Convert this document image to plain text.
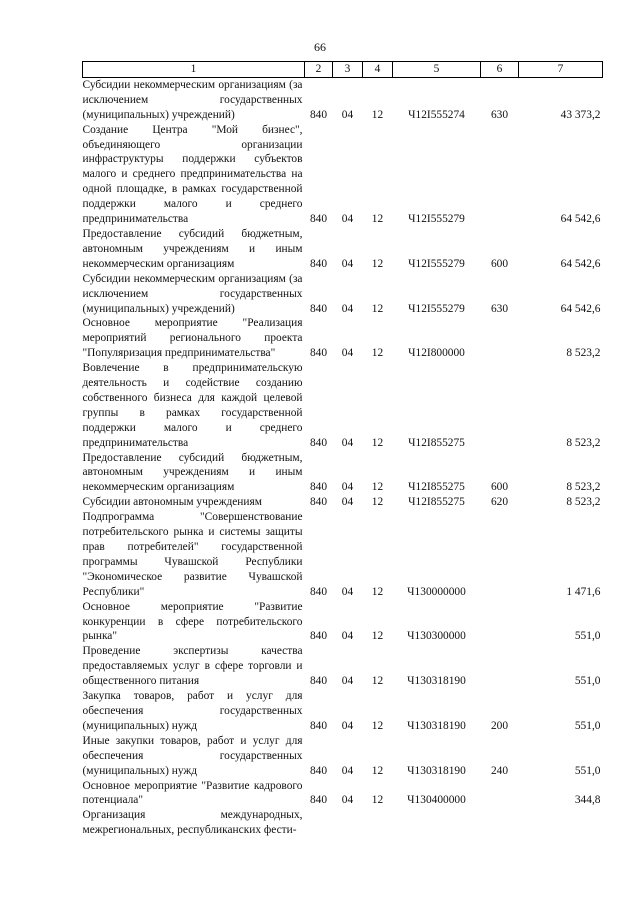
66
1	2	3	4	5	6	7
Субсидии некоммерческим организациям (за исключением государственных (муниципальных) учреждений)	840	04	12	Ч12I555274	630	43 373,2
Создание Центра "Мой бизнес", объединяющего организации инфраструктуры поддержки субъектов малого и среднего предпринимательства на одной площадке, в рамках государственной поддержки малого и среднего предпринимательства	840	04	12	Ч12I555279		64 542,6
Предоставление субсидий бюджетным, автономным учреждениям и иным некоммерческим организациям	840	04	12	Ч12I555279	600	64 542,6
Субсидии некоммерческим организациям (за исключением государственных (муниципальных) учреждений)	840	04	12	Ч12I555279	630	64 542,6
Основное мероприятие "Реализация мероприятий регионального проекта "Популяризация предпринимательства"	840	04	12	Ч12I800000		8 523,2
Вовлечение в предпринимательскую деятельность и содействие созданию собственного бизнеса для каждой целевой группы в рамках государственной поддержки малого и среднего предпринимательства	840	04	12	Ч12I855275		8 523,2
Предоставление субсидий бюджетным, автономным учреждениям и иным некоммерческим организациям	840	04	12	Ч12I855275	600	8 523,2
Субсидии автономным учреждениям	840	04	12	Ч12I855275	620	8 523,2
Подпрограмма "Совершенствование потребительского рынка и системы защиты прав потребителей" государственной программы Чувашской Республики "Экономическое развитие Чувашской Республики"	840	04	12	Ч130000000		1 471,6
Основное мероприятие "Развитие конкуренции в сфере потребительского рынка"	840	04	12	Ч130300000		551,0
Проведение экспертизы качества предоставляемых услуг в сфере торговли и общественного питания	840	04	12	Ч130318190		551,0
Закупка товаров, работ и услуг для обеспечения государственных (муниципальных) нужд	840	04	12	Ч130318190	200	551,0
Иные закупки товаров, работ и услуг для обеспечения государственных (муниципальных) нужд	840	04	12	Ч130318190	240	551,0
Основное мероприятие "Развитие кадрового потенциала"	840	04	12	Ч130400000		344,8
Организация международных, межрегиональных, республиканских фести-						
